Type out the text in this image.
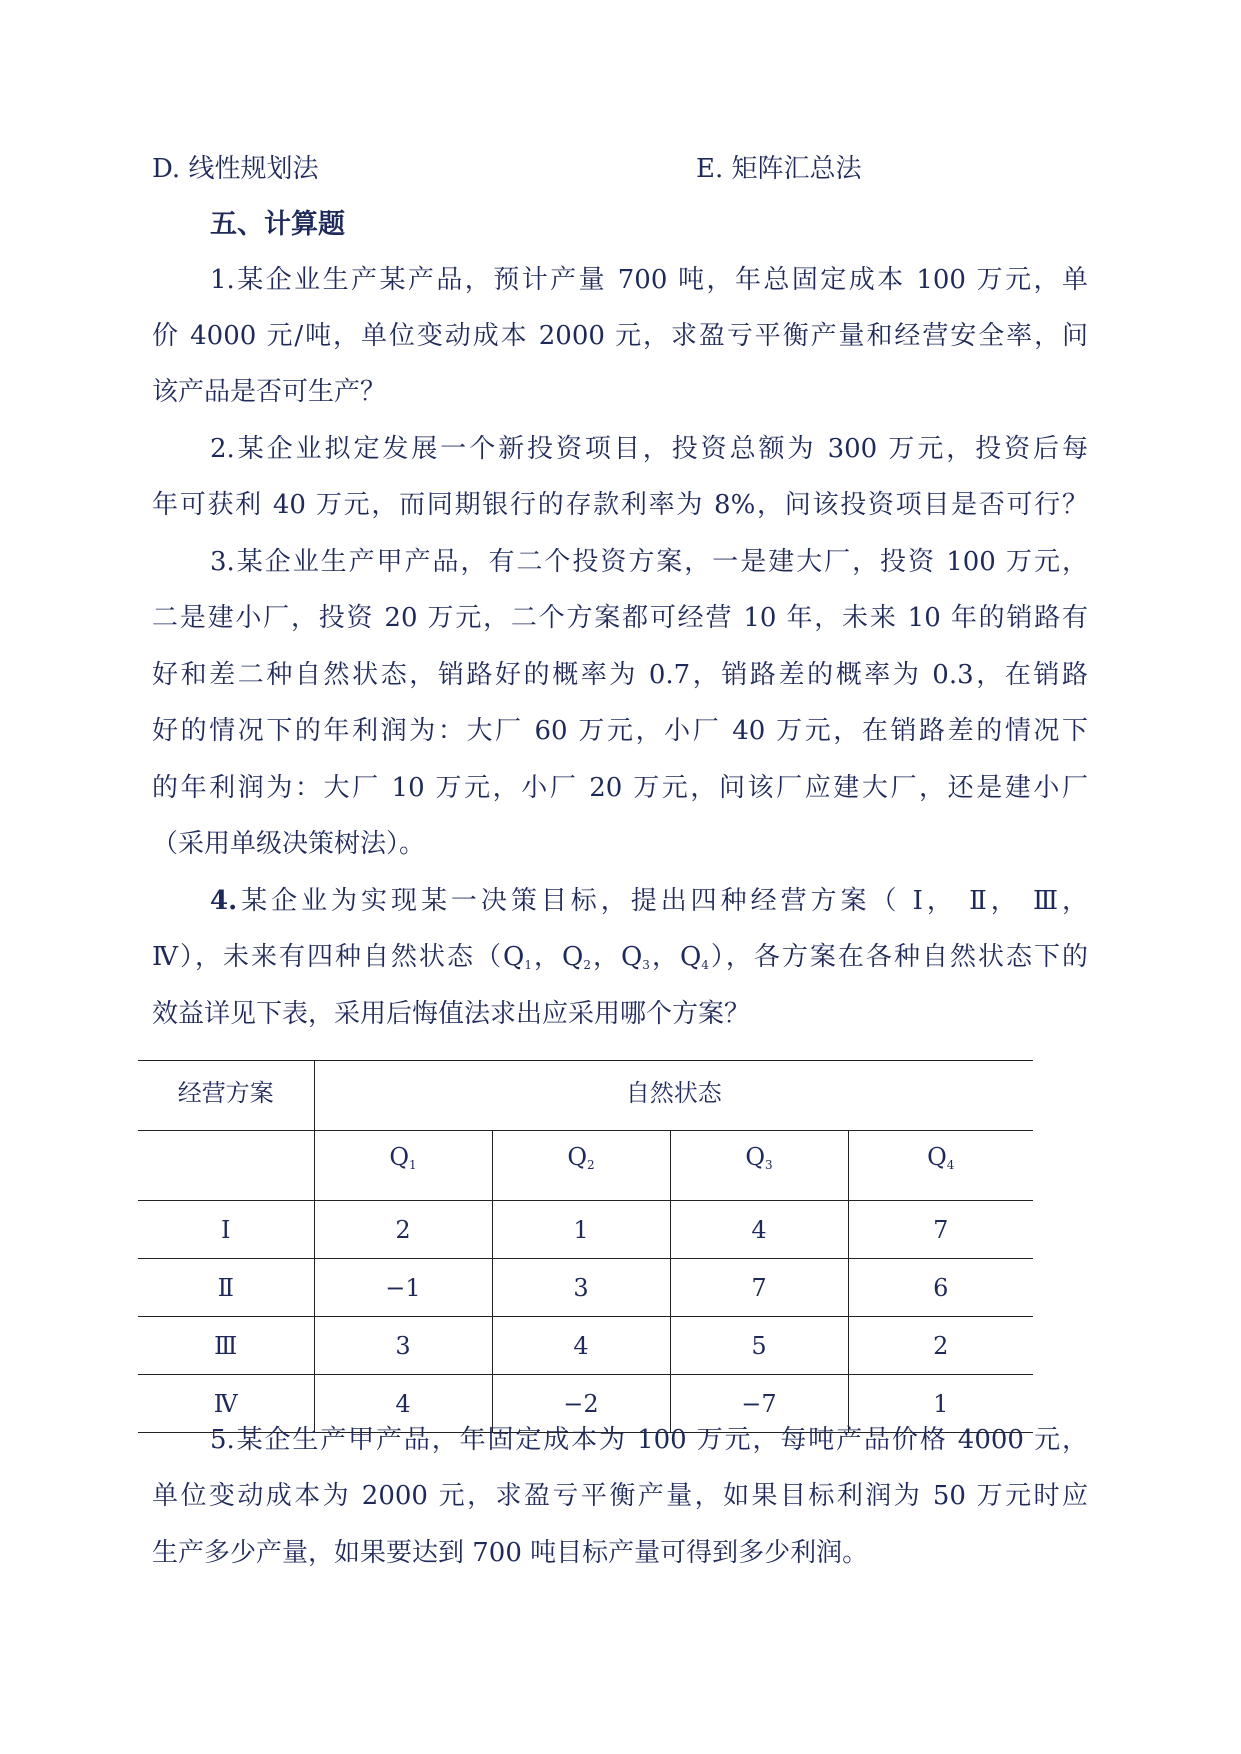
D. 线性规划法	E. 矩阵汇总法
五、计算题
1.某企业生产某产品，预计产量 700 吨，年总固定成本 100 万元，单
价 4000 元/吨，单位变动成本 2000 元，求盈亏平衡产量和经营安全率，问
该产品是否可生产？
2.某企业拟定发展一个新投资项目，投资总额为 300 万元，投资后每
年可获利 40 万元，而同期银行的存款利率为 8%，问该投资项目是否可行？
3.某企业生产甲产品，有二个投资方案，一是建大厂，投资 100 万元，
二是建小厂，投资 20 万元，二个方案都可经营 10 年，未来 10 年的销路有
好和差二种自然状态，销路好的概率为 0.7，销路差的概率为 0.3，在销路
好的情况下的年利润为：大厂 60 万元，小厂 40 万元，在销路差的情况下
的年利润为：大厂 10 万元，小厂 20 万元，问该厂应建大厂，还是建小厂
（采用单级决策树法）。
4.某企业为实现某一决策目标，提出四种经营方案（ Ⅰ， Ⅱ， Ⅲ，
Ⅳ），未来有四种自然状态（$Q_1$，$Q_2$，$Q_3$，$Q_4$），各方案在各种自然状态下的
效益详见下表，采用后悔值法求出应采用哪个方案？
经营方案	自然状态			
	$Q_1$	$Q_2$	$Q_3$	$Q_4$
Ⅰ	2	1	4	7
Ⅱ	−1	3	7	6
Ⅲ	3	4	5	2
Ⅳ	4	−2	−7	1
5.某企生产甲产品，年固定成本为 100 万元，每吨产品价格 4000 元，
单位变动成本为 2000 元，求盈亏平衡产量，如果目标利润为 50 万元时应
生产多少产量，如果要达到 700 吨目标产量可得到多少利润。
